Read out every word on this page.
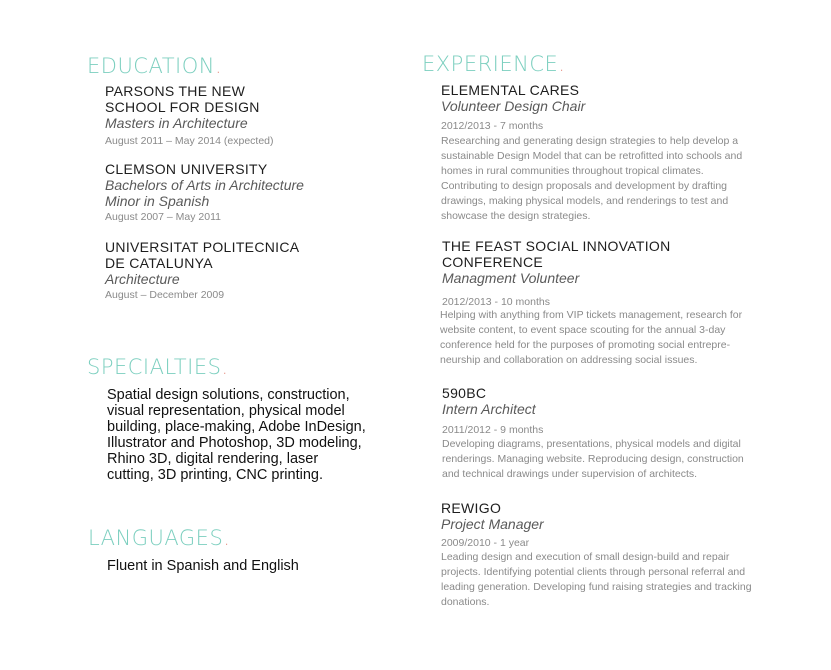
EDUCATION.
PARSONS THE NEW
SCHOOL FOR DESIGN
Masters in Architecture
August 2011 – May 2014 (expected)
CLEMSON UNIVERSITY
Bachelors of Arts in Architecture
Minor in Spanish
August 2007 – May 2011
UNIVERSITAT POLITECNICA
DE CATALUNYA
Architecture
August – December 2009
SPECIALTIES.
Spatial design solutions, construction,
visual representation, physical model
building, place-making, Adobe InDesign,
Illustrator and Photoshop, 3D modeling,
Rhino 3D, digital rendering, laser
cutting, 3D printing, CNC printing.
LANGUAGES.
Fluent in Spanish and English
EXPERIENCE.
ELEMENTAL CARES
Volunteer Design Chair
2012/2013 - 7 months
Researching and generating design strategies to help develop a
sustainable Design Model that can be retrofitted into schools and
homes in rural communities throughout tropical climates.
Contributing to design proposals and development by drafting
drawings, making physical models, and renderings to test and
showcase the design strategies.
THE FEAST SOCIAL INNOVATION
CONFERENCE
Managment Volunteer
2012/2013 - 10 months
Helping with anything from VIP tickets management, research for
website content, to event space scouting for the annual 3-day
conference held for the purposes of promoting social entrepre-
neurship and collaboration on addressing social issues.
590BC
Intern Architect
2011/2012 - 9 months
Developing diagrams, presentations, physical models and digital
renderings. Managing website. Reproducing design, construction
and technical drawings under supervision of architects.
REWIGO
Project Manager
2009/2010 - 1 year
Leading design and execution of small design-build and repair
projects. Identifying potential clients through personal referral and
leading generation. Developing fund raising strategies and tracking
donations.
